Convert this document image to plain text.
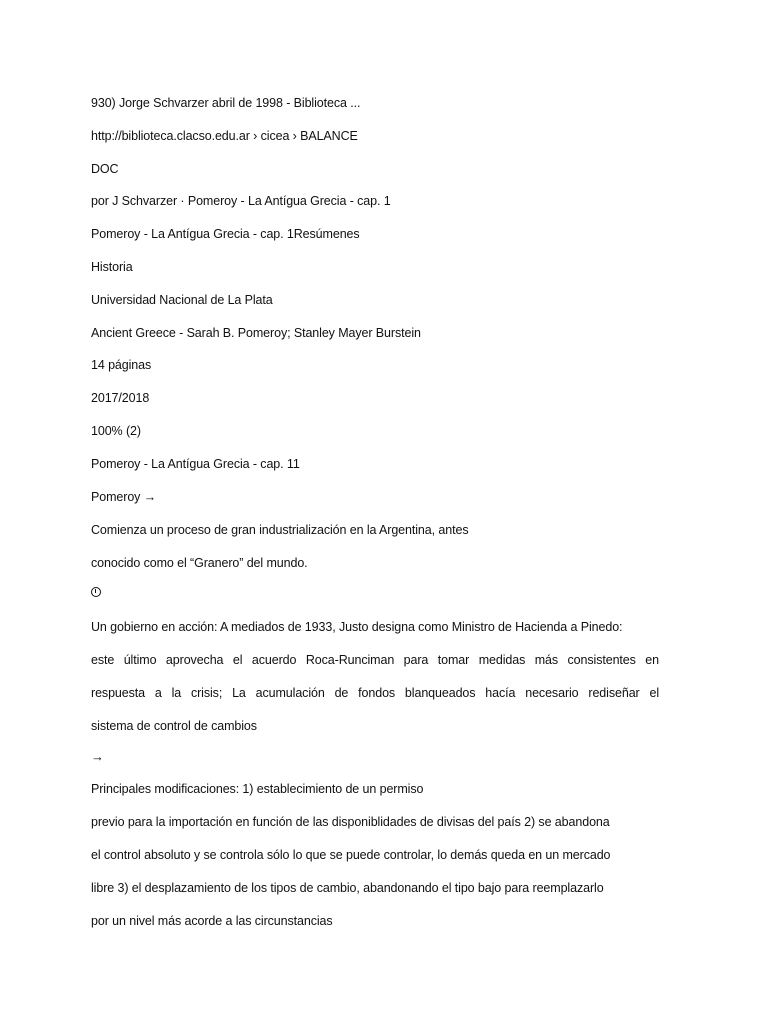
930) Jorge Schvarzer abril de 1998 - Biblioteca ...
http://biblioteca.clacso.edu.ar › cicea › BALANCE
DOC
por J Schvarzer · Pomeroy - La Antígua Grecia - cap. 1
Pomeroy - La Antígua Grecia - cap. 1Resúmenes
Historia
Universidad Nacional de La Plata
Ancient Greece - Sarah B. Pomeroy; Stanley Mayer Burstein
14 páginas
2017/2018
100% (2)
Pomeroy - La Antígua Grecia - cap. 11
Pomeroy →
Comienza un proceso de gran industrialización en la Argentina, antes
conocido como el “Granero” del mundo.
Un gobierno en acción: A mediados de 1933, Justo designa como Ministro de Hacienda a Pinedo:
este último aprovecha el acuerdo Roca-Runciman para tomar medidas más consistentes en
respuesta a la crisis; La acumulación de fondos blanqueados hacía necesario rediseñar el
sistema de control de cambios
→
Principales modificaciones: 1) establecimiento de un permiso
previo para la importación en función de las disponiblidades de divisas del país 2) se abandona
el control absoluto y se controla sólo lo que se puede controlar, lo demás queda en un mercado
libre 3) el desplazamiento de los tipos de cambio, abandonando el tipo bajo para reemplazarlo
por un nivel más acorde a las circunstancias
